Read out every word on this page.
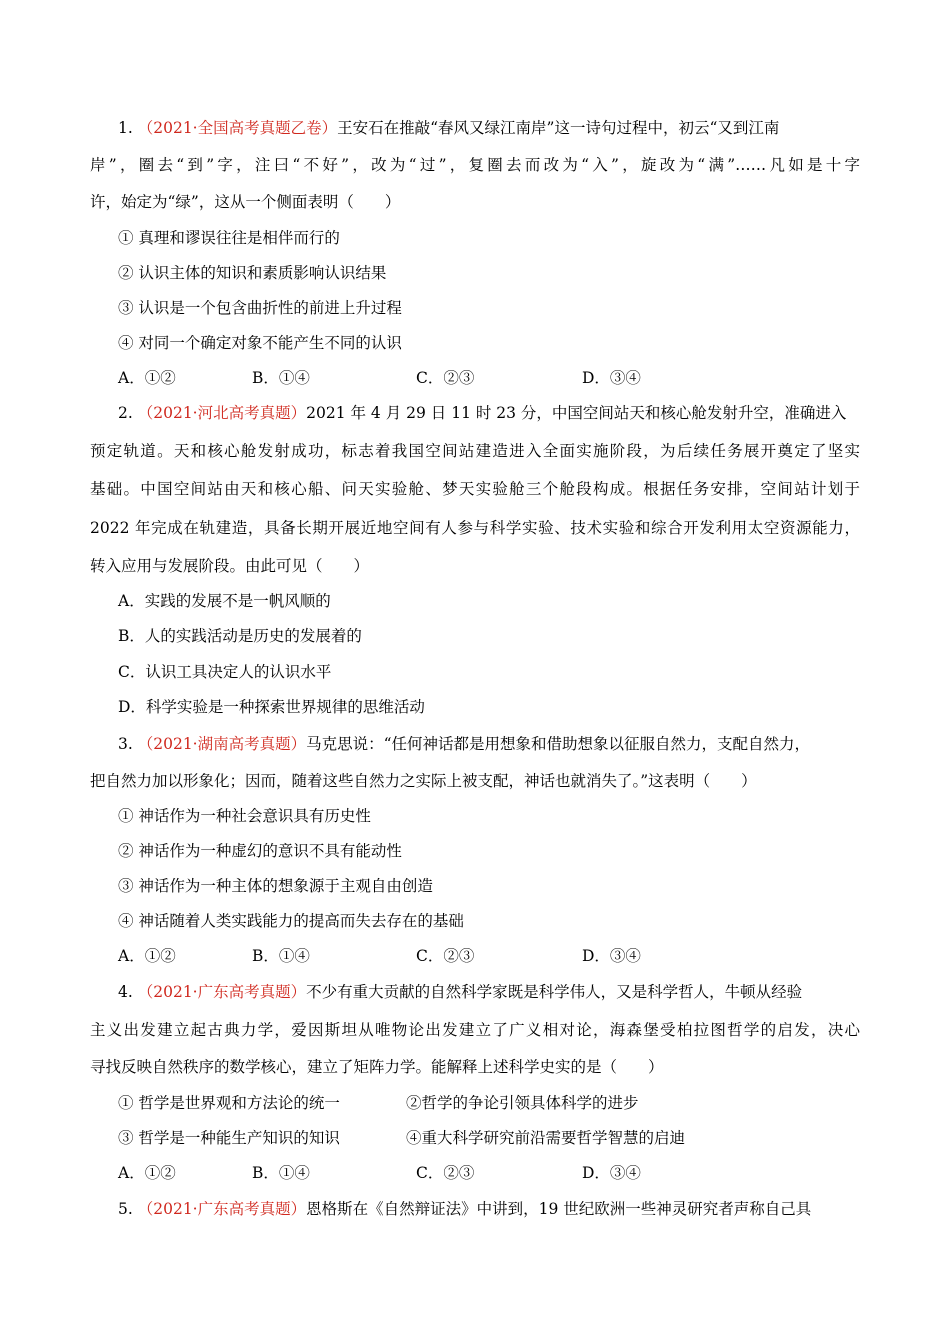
1. （2021·全国高考真题乙卷）王安石在推敲“春风又绿江南岸”这一诗句过程中，初云“又到江南
岸”，圈去“到”字，注曰“不好”，改为“过”，复圈去而改为“入”，旋改为“满”……凡如是十字
许，始定为“绿”，这从一个侧面表明（　　）
① 真理和谬误往往是相伴而行的
② 认识主体的知识和素质影响认识结果
③ 认识是一个包含曲折性的前进上升过程
④ 对同一个确定对象不能产生不同的认识
A．①②	B．①④	C．②③	D．③④
2. （2021·河北高考真题）2021 年 4 月 29 日 11 时 23 分，中国空间站天和核心舱发射升空，准确进入
预定轨道。天和核心舱发射成功，标志着我国空间站建造进入全面实施阶段，为后续任务展开奠定了坚实
基础。中国空间站由天和核心船、问天实验舱、梦天实验舱三个舱段构成。根据任务安排，空间站计划于
2022 年完成在轨建造，具备长期开展近地空间有人参与科学实验、技术实验和综合开发利用太空资源能力，
转入应用与发展阶段。由此可见（　　）
A．实践的发展不是一帆风顺的
B．人的实践活动是历史的发展着的
C．认识工具决定人的认识水平
D．科学实验是一种探索世界规律的思维活动
3. （2021·湖南高考真题）马克思说：“任何神话都是用想象和借助想象以征服自然力，支配自然力，
把自然力加以形象化；因而，随着这些自然力之实际上被支配，神话也就消失了。”这表明（　　）
① 神话作为一种社会意识具有历史性
② 神话作为一种虚幻的意识不具有能动性
③ 神话作为一种主体的想象源于主观自由创造
④ 神话随着人类实践能力的提高而失去存在的基础
A．①②	B．①④	C．②③	D．③④
4. （2021·广东高考真题）不少有重大贡献的自然科学家既是科学伟人，又是科学哲人，牛顿从经验
主义出发建立起古典力学，爱因斯坦从唯物论出发建立了广义相对论，海森堡受柏拉图哲学的启发，决心
寻找反映自然秩序的数学核心，建立了矩阵力学。能解释上述科学史实的是（　　）
① 哲学是世界观和方法论的统一	②哲学的争论引领具体科学的进步
③ 哲学是一种能生产知识的知识	④重大科学研究前沿需要哲学智慧的启迪
A．①②	B．①④	C．②③	D．③④
5. （2021·广东高考真题）恩格斯在《自然辩证法》中讲到，19 世纪欧洲一些神灵研究者声称自己具
